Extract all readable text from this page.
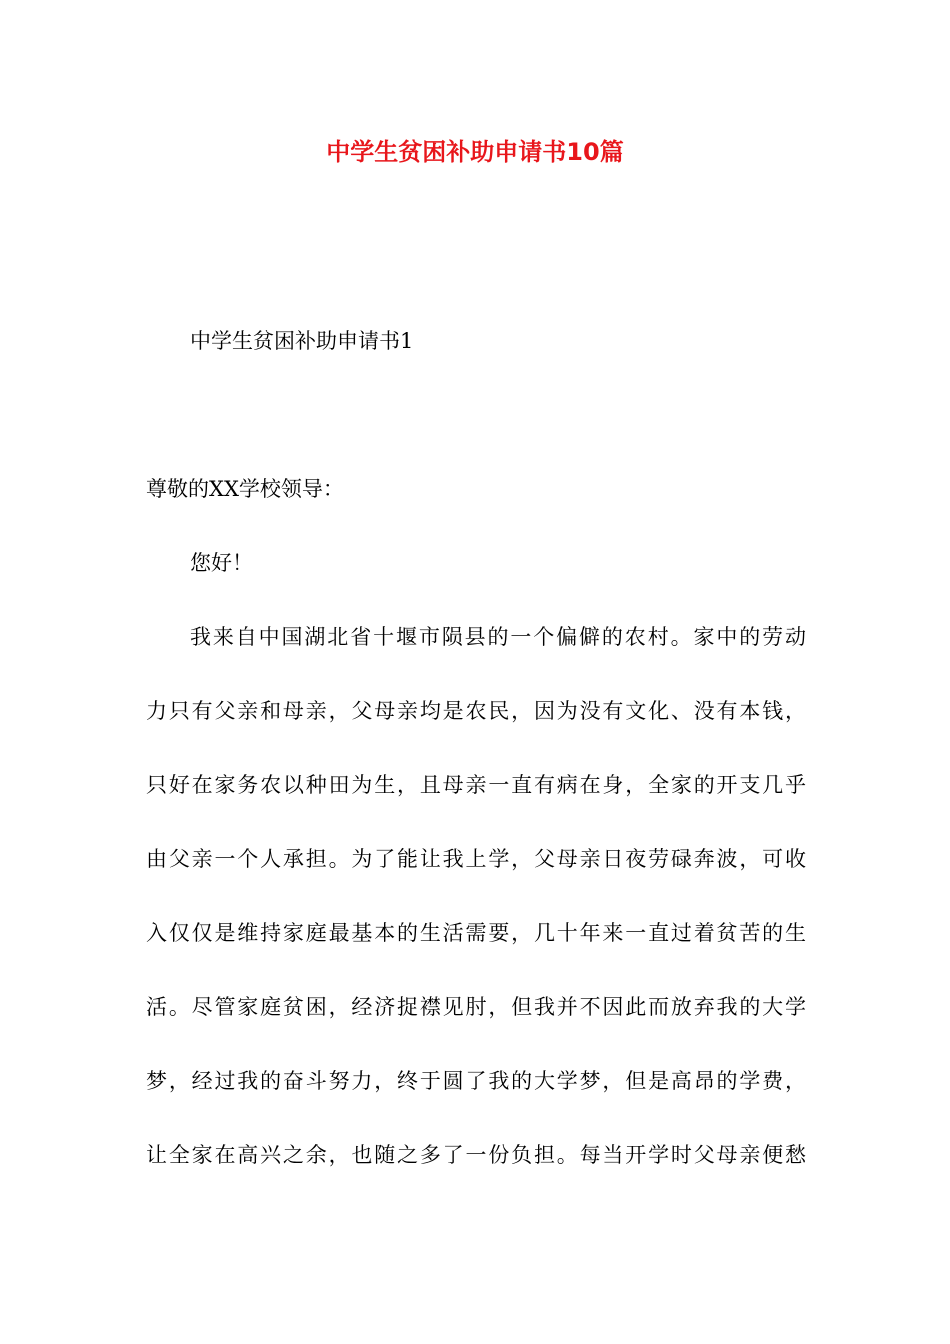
中学生贫困补助申请书10篇

中学生贫困补助申请书1

尊敬的XX学校领导：

您好！

我来自中国湖北省十堰市陨县的一个偏僻的农村。家中的劳动
力只有父亲和母亲，父母亲均是农民，因为没有文化、没有本钱，
只好在家务农以种田为生，且母亲一直有病在身，全家的开支几乎
由父亲一个人承担。为了能让我上学，父母亲日夜劳碌奔波，可收
入仅仅是维持家庭最基本的生活需要，几十年来一直过着贫苦的生
活。尽管家庭贫困，经济捉襟见肘，但我并不因此而放弃我的大学
梦，经过我的奋斗努力，终于圆了我的大学梦，但是高昂的学费，
让全家在高兴之余，也随之多了一份负担。每当开学时父母亲便愁
